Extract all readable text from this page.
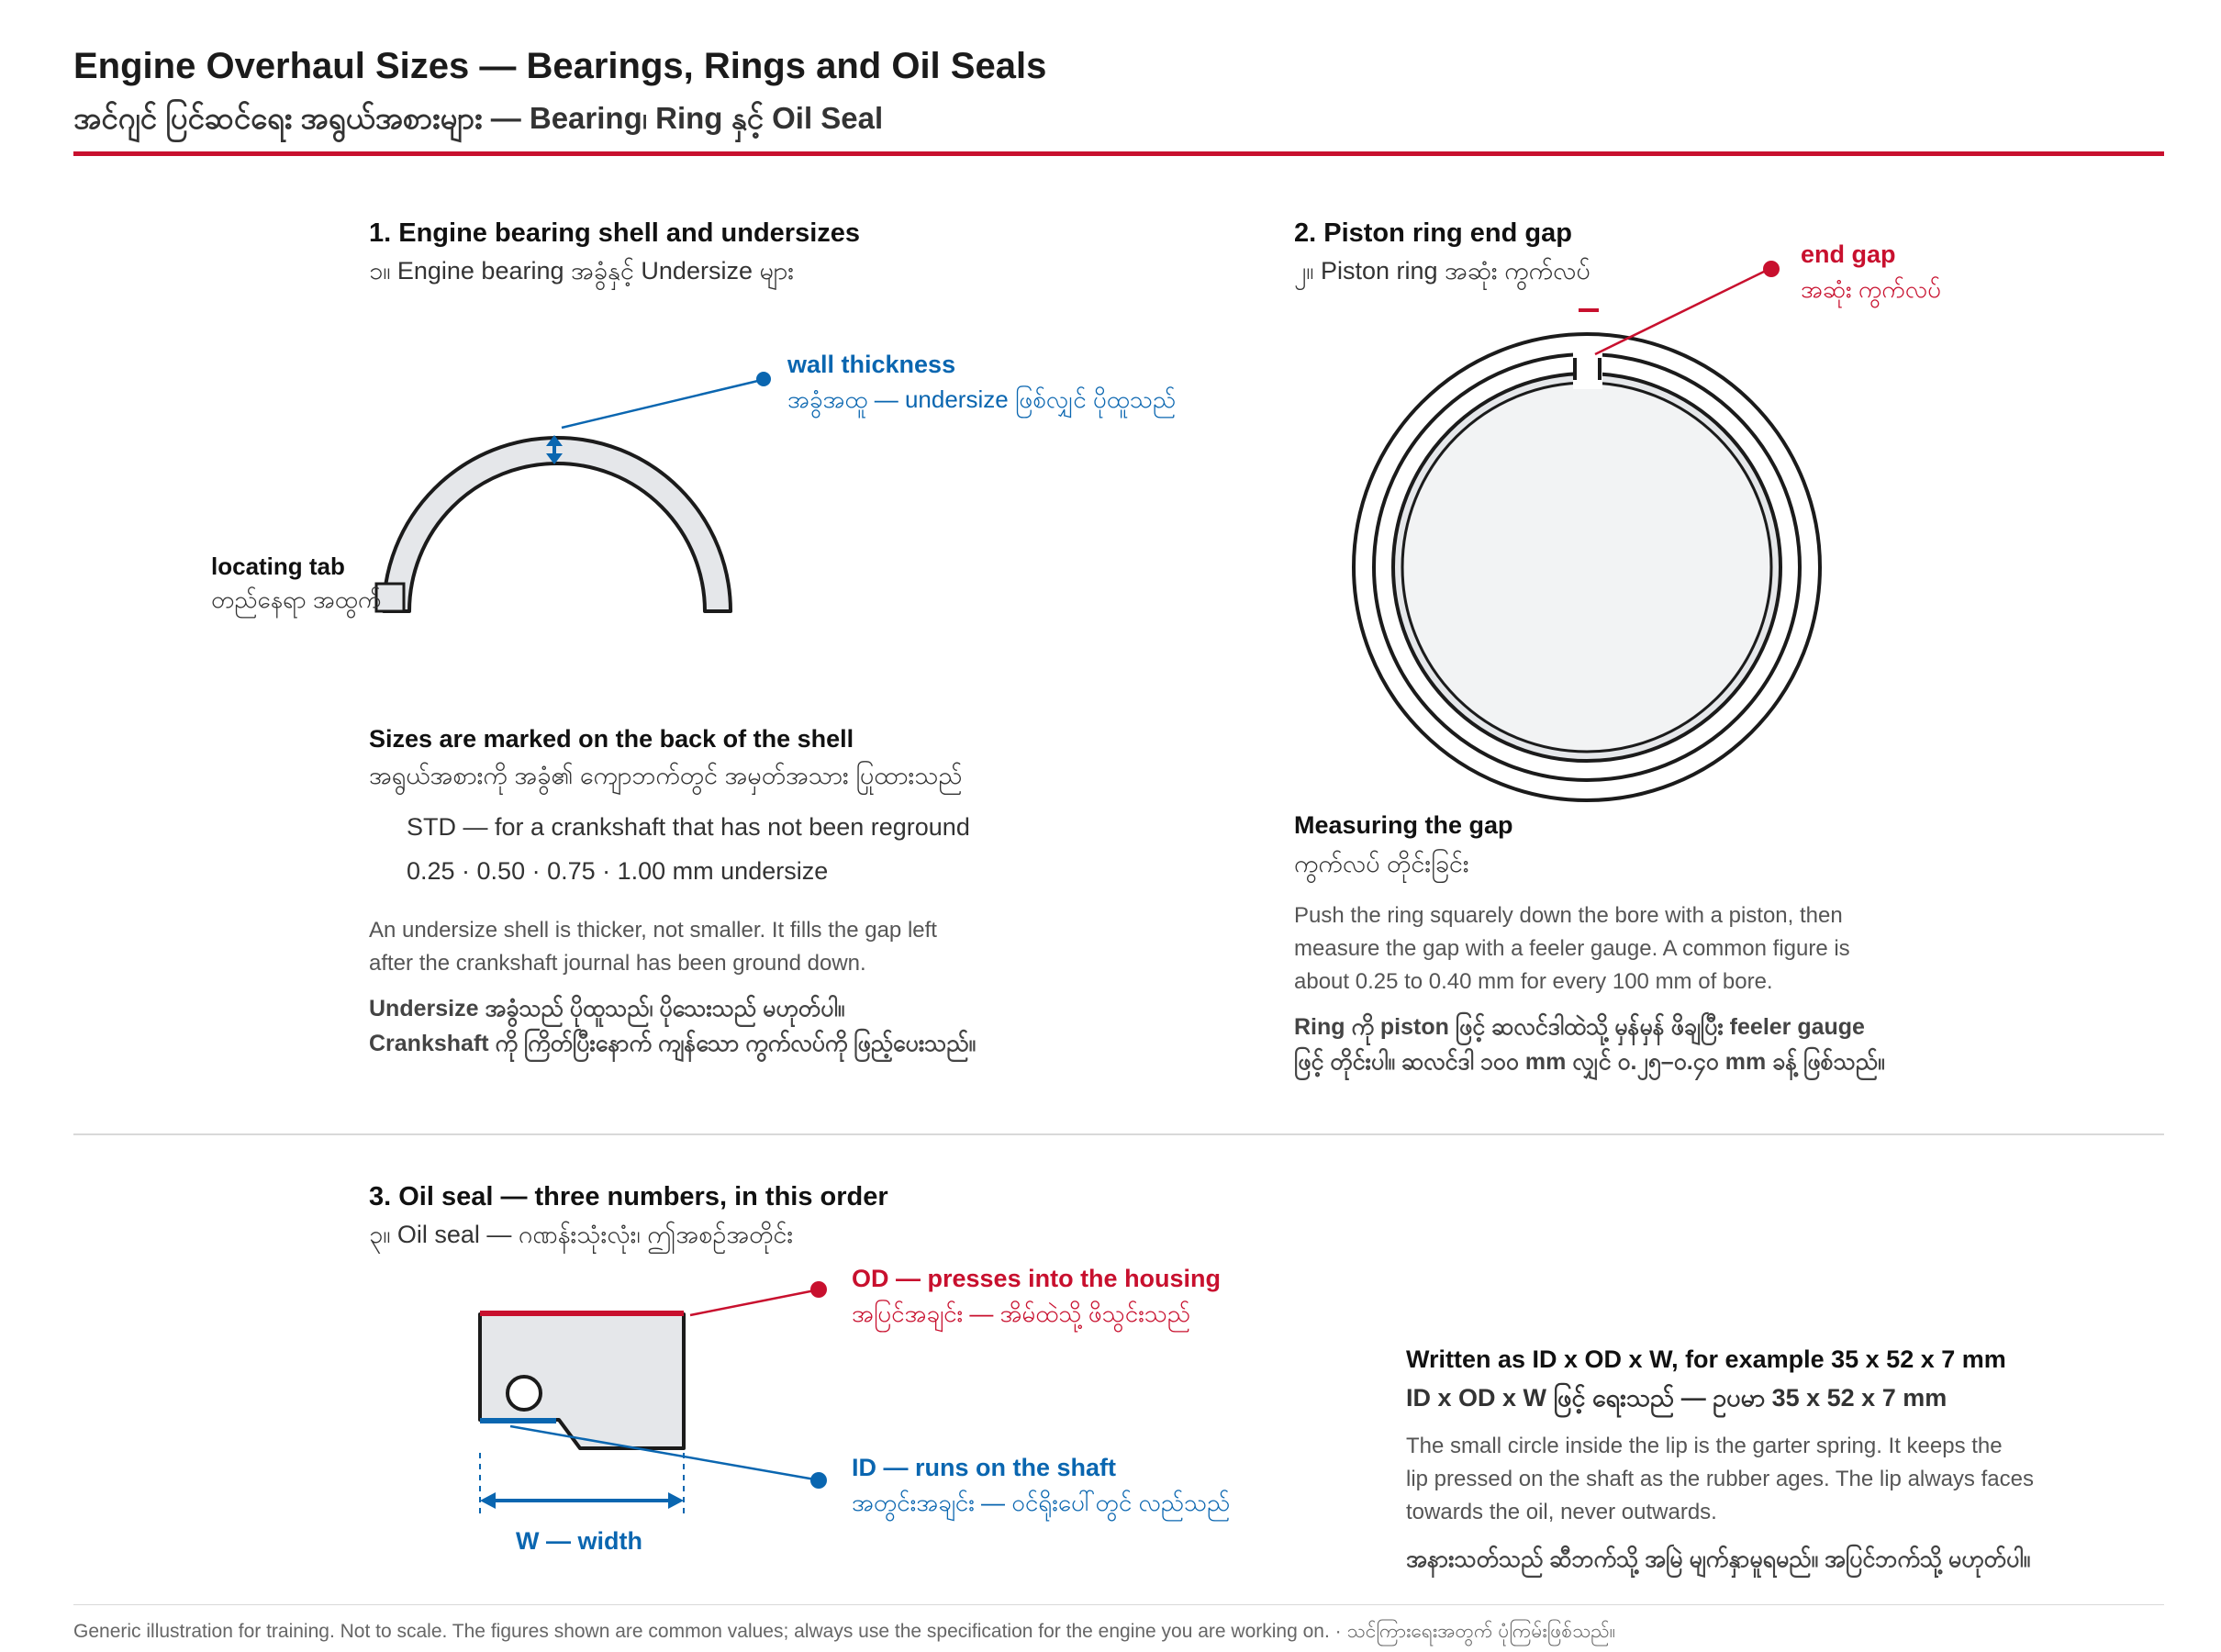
Engine Overhaul Sizes — Bearings, Rings and Oil Seals
အင်ဂျင် ပြင်ဆင်ရေး အရွယ်အစားများ — Bearing၊ Ring နှင့် Oil Seal
1. Engine bearing shell and undersizes
၁။ Engine bearing အခွံနှင့် Undersize များ
wall thickness
အခွံအထူ — undersize ဖြစ်လျှင် ပိုထူသည်
locating tab
တည်နေရာ အထွက်
Sizes are marked on the back of the shell
အရွယ်အစားကို အခွံ၏ ကျောဘက်တွင် အမှတ်အသား ပြုထားသည်
STD — for a crankshaft that has not been reground
0.25 · 0.50 · 0.75 · 1.00 mm undersize
An undersize shell is thicker, not smaller. It fills the gap left
after the crankshaft journal has been ground down.
Undersize အခွံသည် ပိုထူသည်၊ ပိုသေးသည် မဟုတ်ပါ။
Crankshaft ကို ကြိတ်ပြီးနောက် ကျန်သော ကွက်လပ်ကို ဖြည့်ပေးသည်။
2. Piston ring end gap
၂။ Piston ring အဆုံး ကွက်လပ်
end gap
အဆုံး ကွက်လပ်
Measuring the gap
ကွက်လပ် တိုင်းခြင်း
Push the ring squarely down the bore with a piston, then
measure the gap with a feeler gauge. A common figure is
about 0.25 to 0.40 mm for every 100 mm of bore.
Ring ကို piston ဖြင့် ဆလင်ဒါထဲသို့ မှန်မှန် ဖိချပြီး feeler gauge
ဖြင့် တိုင်းပါ။ ဆလင်ဒါ ၁၀၀ mm လျှင် ၀.၂၅–၀.၄၀ mm ခန့် ဖြစ်သည်။
3. Oil seal — three numbers, in this order
၃။ Oil seal — ဂဏန်းသုံးလုံး၊ ဤအစဉ်အတိုင်း
OD — presses into the housing
အပြင်အချင်း — အိမ်ထဲသို့ ဖိသွင်းသည်
ID — runs on the shaft
အတွင်းအချင်း — ဝင်ရိုးပေါ်တွင် လည်သည်
W — width
Written as ID x OD x W, for example 35 x 52 x 7 mm
ID x OD x W ဖြင့် ရေးသည် — ဥပမာ 35 x 52 x 7 mm
The small circle inside the lip is the garter spring. It keeps the
lip pressed on the shaft as the rubber ages. The lip always faces
towards the oil, never outwards.
အနားသတ်သည် ဆီဘက်သို့ အမြဲ မျက်နှာမူရမည်။ အပြင်ဘက်သို့ မဟုတ်ပါ။
Generic illustration for training. Not to scale. The figures shown are common values; always use the specification for the engine you are working on. · သင်ကြားရေးအတွက် ပုံကြမ်းဖြစ်သည်။
